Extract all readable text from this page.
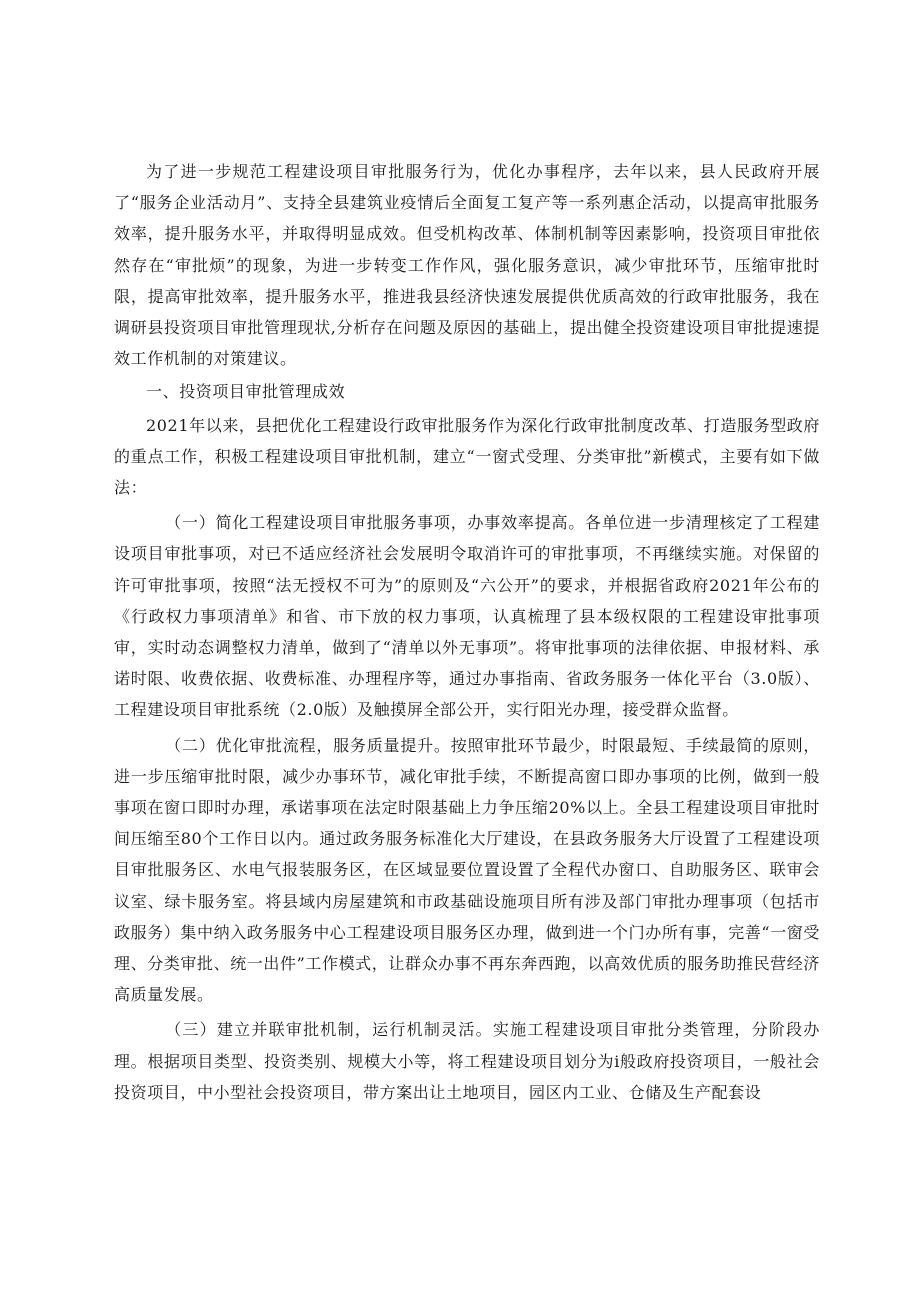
为了进一步规范工程建设项目审批服务行为，优化办事程序，去年以来，县人民政府开展了“服务企业活动月”、支持全县建筑业疫情后全面复工复产等一系列惠企活动，以提高审批服务效率，提升服务水平，并取得明显成效。但受机构改革、体制机制等因素影响，投资项目审批依然存在“审批烦”的现象，为进一步转变工作作风，强化服务意识，减少审批环节，压缩审批时限，提高审批效率，提升服务水平，推进我县经济快速发展提供优质高效的行政审批服务，我在调研县投资项目审批管理现状,分析存在问题及原因的基础上，提出健全投资建设项目审批提速提效工作机制的对策建议。

一、投资项目审批管理成效

2021年以来，县把优化工程建设行政审批服务作为深化行政审批制度改革、打造服务型政府的重点工作，积极工程建设项目审批机制，建立“一窗式受理、分类审批”新模式，主要有如下做法：

（一）简化工程建设项目审批服务事项，办事效率提高。各单位进一步清理核定了工程建设项目审批事项，对已不适应经济社会发展明令取消许可的审批事项，不再继续实施。对保留的许可审批事项，按照“法无授权不可为”的原则及“六公开”的要求，并根据省政府2021年公布的《行政权力事项清单》和省、市下放的权力事项，认真梳理了县本级权限的工程建设审批事项审，实时动态调整权力清单，做到了“清单以外无事项”。将审批事项的法律依据、申报材料、承诺时限、收费依据、收费标准、办理程序等，通过办事指南、省政务服务一体化平台（3.0版）、工程建设项目审批系统（2.0版）及触摸屏全部公开，实行阳光办理，接受群众监督。

（二）优化审批流程，服务质量提升。按照审批环节最少，时限最短、手续最简的原则，进一步压缩审批时限，减少办事环节，减化审批手续，不断提高窗口即办事项的比例，做到一般事项在窗口即时办理，承诺事项在法定时限基础上力争压缩20%以上。全县工程建设项目审批时间压缩至80个工作日以内。通过政务服务标准化大厅建设，在县政务服务大厅设置了工程建设项目审批服务区、水电气报装服务区，在区域显要位置设置了全程代办窗口、自助服务区、联审会议室、绿卡服务室。将县域内房屋建筑和市政基础设施项目所有涉及部门审批办理事项（包括市政服务）集中纳入政务服务中心工程建设项目服务区办理，做到进一个门办所有事，完善“一窗受理、分类审批、统一出件”工作模式，让群众办事不再东奔西跑，以高效优质的服务助推民营经济高质量发展。

（三）建立并联审批机制，运行机制灵活。实施工程建设项目审批分类管理，分阶段办理。根据项目类型、投资类别、规模大小等，将工程建设项目划分为i般政府投资项目，一般社会投资项目，中小型社会投资项目，带方案出让土地项目，园区内工业、仓储及生产配套设
